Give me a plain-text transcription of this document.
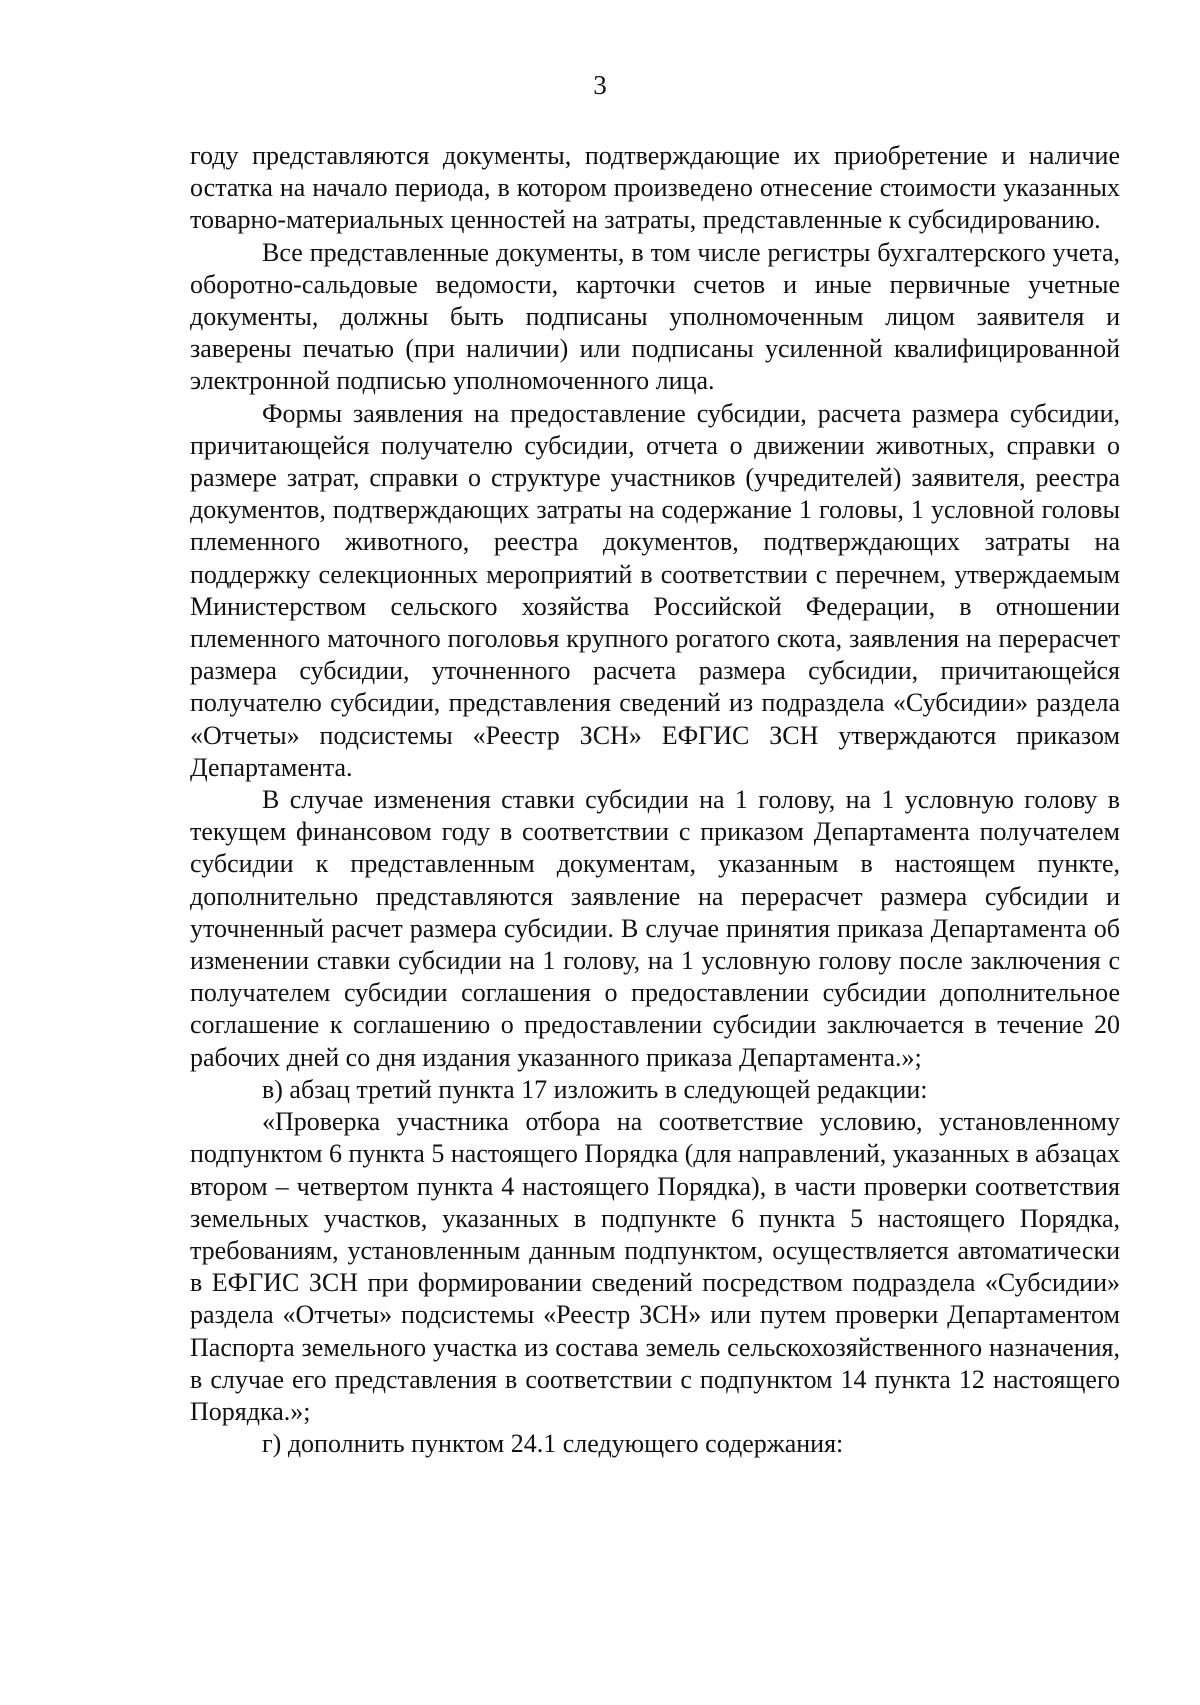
3

году представляются документы, подтверждающие их приобретение и наличие остатка на начало периода, в котором произведено отнесение стоимости указанных товарно-материальных ценностей на затраты, представленные к субсидированию.

Все представленные документы, в том числе регистры бухгалтерского учета, оборотно-сальдовые ведомости, карточки счетов и иные первичные учетные документы, должны быть подписаны уполномоченным лицом заявителя и заверены печатью (при наличии) или подписаны усиленной квалифицированной электронной подписью уполномоченного лица.

Формы заявления на предоставление субсидии, расчета размера субсидии, причитающейся получателю субсидии, отчета о движении животных, справки о размере затрат, справки о структуре участников (учредителей) заявителя, реестра документов, подтверждающих затраты на содержание 1 головы, 1 условной головы племенного животного, реестра документов, подтверждающих затраты на поддержку селекционных мероприятий в соответствии с перечнем, утверждаемым Министерством сельского хозяйства Российской Федерации, в отношении племенного маточного поголовья крупного рогатого скота, заявления на перерасчет размера субсидии, уточненного расчета размера субсидии, причитающейся получателю субсидии, представления сведений из подраздела «Субсидии» раздела «Отчеты» подсистемы «Реестр ЗСН» ЕФГИС ЗСН утверждаются приказом Департамента.

В случае изменения ставки субсидии на 1 голову, на 1 условную голову в текущем финансовом году в соответствии с приказом Департамента получателем субсидии к представленным документам, указанным в настоящем пункте, дополнительно представляются заявление на перерасчет размера субсидии и уточненный расчет размера субсидии. В случае принятия приказа Департамента об изменении ставки субсидии на 1 голову, на 1 условную голову после заключения с получателем субсидии соглашения о предоставлении субсидии дополнительное соглашение к соглашению о предоставлении субсидии заключается в течение 20 рабочих дней со дня издания указанного приказа Департамента.»;

в) абзац третий пункта 17 изложить в следующей редакции:

«Проверка участника отбора на соответствие условию, установленному подпунктом 6 пункта 5 настоящего Порядка (для направлений, указанных в абзацах втором – четвертом пункта 4 настоящего Порядка), в части проверки соответствия земельных участков, указанных в подпункте 6 пункта 5 настоящего Порядка, требованиям, установленным данным подпунктом, осуществляется автоматически в ЕФГИС ЗСН при формировании сведений посредством подраздела «Субсидии» раздела «Отчеты» подсистемы «Реестр ЗСН» или путем проверки Департаментом Паспорта земельного участка из состава земель сельскохозяйственного назначения, в случае его представления в соответствии с подпунктом 14 пункта 12 настоящего Порядка.»;

г) дополнить пунктом 24.1 следующего содержания:
